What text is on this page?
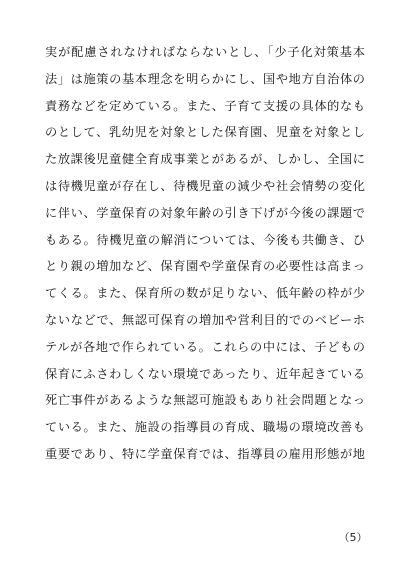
実が配慮されなければならないとし、「少子化対策基本
法」は施策の基本理念を明らかにし、国や地方自治体の
責務などを定めている。また、子育て支援の具体的なも
のとして、乳幼児を対象とした保育園、児童を対象とし
た放課後児童健全育成事業とがあるが、しかし、全国に
は待機児童が存在し、待機児童の減少や社会情勢の変化
に伴い、学童保育の対象年齢の引き下げが今後の課題で
もある。待機児童の解消については、今後も共働き、ひ
とり親の増加など、保育園や学童保育の必要性は高まっ
てくる。また、保育所の数が足りない、低年齢の枠が少
ないなどで、無認可保育の増加や営利目的でのベビーホ
テルが各地で作られている。これらの中には、子どもの
保育にふさわしくない環境であったり、近年起きている
死亡事件があるような無認可施設もあり社会問題となっ
ている。また、施設の指導員の育成、職場の環境改善も
重要であり、特に学童保育では、指導員の雇用形態が地
（5）
